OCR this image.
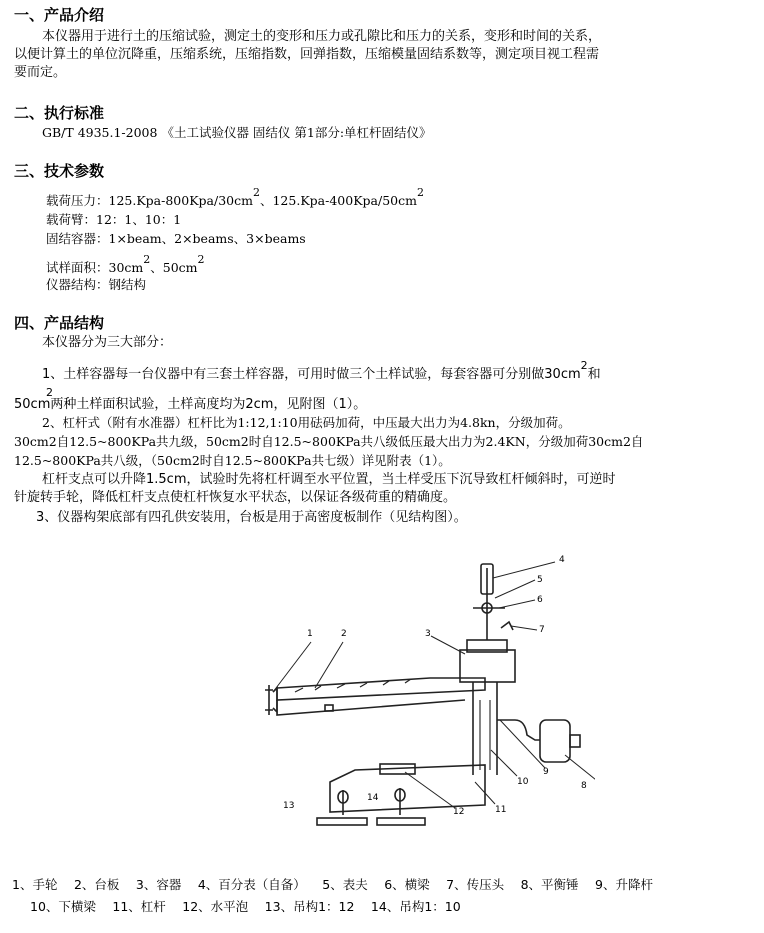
一、产品介绍
本仪器用于进行土的压缩试验，测定土的变形和压力或孔隙比和压力的关系，变形和时间的关系，
以便计算土的单位沉降重，压缩系统，压缩指数，回弹指数，压缩模量固结系数等，测定项目视工程需
要而定。
二、执行标准
GB/T 4935.1-2008 《土工试验仪器 固结仪 第1部分:单杠杆固结仪》
三、技术参数
载荷压力：125.Kpa-800Kpa/30cm2、125.Kpa-400Kpa/50cm2
载荷臂：12：1、10：1
固结容器：1×beam、2×beams、3×beams
试样面积：30cm2、50cm2
仪器结构：钢结构
四、产品结构
本仪器分为三大部分：
1、土样容器每一台仪器中有三套土样容器，可用时做三个土样试验，每套容器可分别做$30cm^2$和
50cm
2
两种土样面积试验，土样高度均为2cm，见附图（1）。
2、杠杆式（附有水准器）杠杆比为1:12,1:10用砝码加荷，中压最大出力为4.8kn，分级加荷。
30cm2自12.5~800KPa共九级，50cm2时自12.5~800KPa共八级低压最大出力为2.4KN，分级加荷30cm2自
12.5~800KPa共八级，（50cm2时自12.5~800KPa共七级）详见附表（1）。
杠杆支点可以升降1.5cm，试验时先将杠杆调至水平位置，当土样受压下沉导致杠杆倾斜时，可逆时
针旋转手轮，降低杠杆支点使杠杆恢复水平状态，以保证各级荷重的精确度。
3、仪器构架底部有四孔供安装用，台板是用于高密度板制作（见结构图）。
1	2	3
4
5
6
7
8
9
10
11
12
13
14
1、手轮  2、台板  3、容器  4、百分表（自备）  5、表夫  6、横梁  7、传压头  8、平衡锤  9、升降杆
10、下横梁  11、杠杆  12、水平泡  13、吊构1：12  14、吊构1：10
